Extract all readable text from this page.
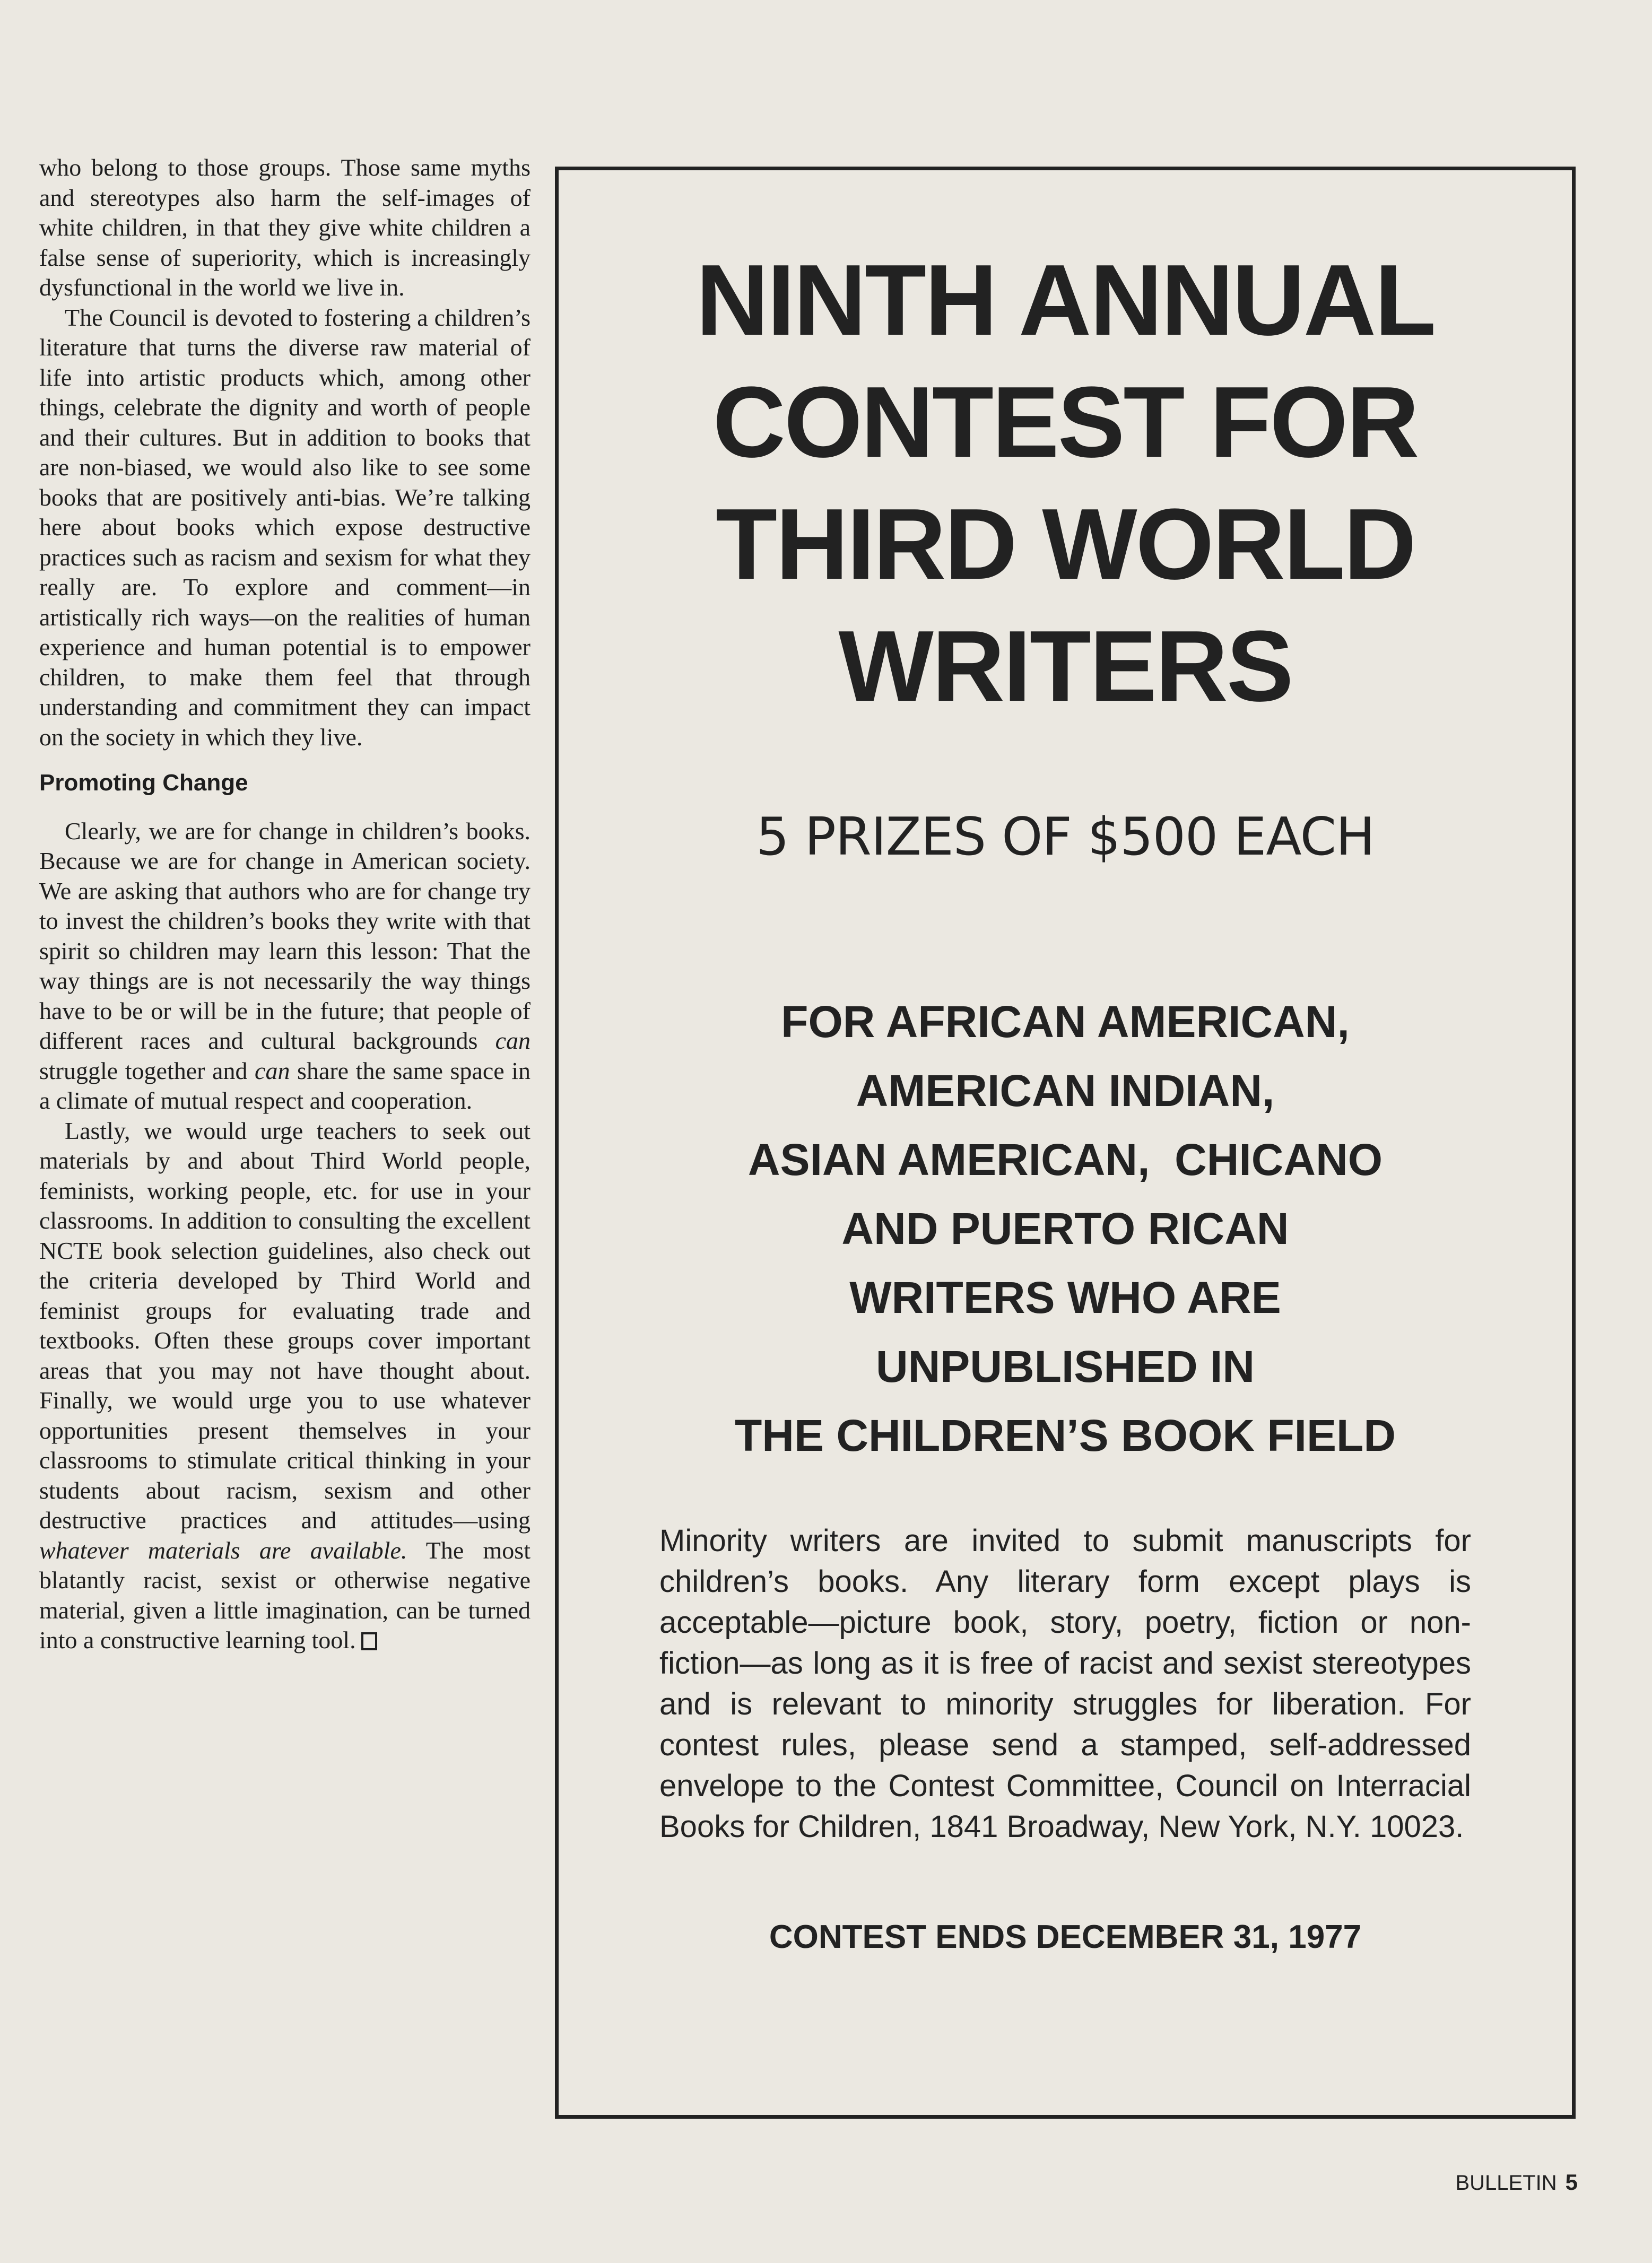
who belong to those groups. Those same myths and stereotypes also harm the self-images of white children, in that they give white children a false sense of superiority, which is increasingly dysfunctional in the world we live in.

The Council is devoted to fostering a children’s literature that turns the diverse raw material of life into artistic products which, among other things, celebrate the dignity and worth of people and their cultures. But in addition to books that are non-biased, we would also like to see some books that are positively anti-bias. We’re talking here about books which expose destructive practices such as racism and sexism for what they really are. To explore and comment—in artistically rich ways—on the realities of human experience and human potential is to empower children, to make them feel that through understanding and commitment they can impact on the society in which they live.

Promoting Change

Clearly, we are for change in children’s books. Because we are for change in American society. We are asking that authors who are for change try to invest the children’s books they write with that spirit so children may learn this lesson: That the way things are is not necessarily the way things have to be or will be in the future; that people of different races and cultural backgrounds can struggle together and can share the same space in a climate of mutual respect and cooperation.

Lastly, we would urge teachers to seek out materials by and about Third World people, feminists, working people, etc. for use in your classrooms. In addition to consulting the excellent NCTE book selection guidelines, also check out the criteria developed by Third World and feminist groups for evaluating trade and textbooks. Often these groups cover important areas that you may not have thought about. Finally, we would urge you to use whatever opportunities present themselves in your classrooms to stimulate critical thinking in your students about racism, sexism and other destructive practices and attitudes—using whatever materials are available. The most blatantly racist, sexist or otherwise negative material, given a little imagination, can be turned into a constructive learning tool.

NINTH ANNUAL
CONTEST FOR
THIRD WORLD
WRITERS
5 PRIZES OF $500 EACH
FOR AFRICAN AMERICAN,
AMERICAN INDIAN,
ASIAN AMERICAN,  CHICANO
AND PUERTO RICAN
WRITERS WHO ARE
UNPUBLISHED IN
THE CHILDREN’S BOOK FIELD
Minority writers are invited to submit manuscripts for children’s books. Any literary form except plays is acceptable—picture book, story, poetry, fiction or non-fiction—as long as it is free of racist and sexist stereotypes and is relevant to minority struggles for liberation. For contest rules, please send a stamped, self-addressed envelope to the Contest Committee, Council on Interracial Books for Children, 1841 Broadway, New York, N.Y. 10023.
CONTEST ENDS DECEMBER 31, 1977
BULLETIN 5
